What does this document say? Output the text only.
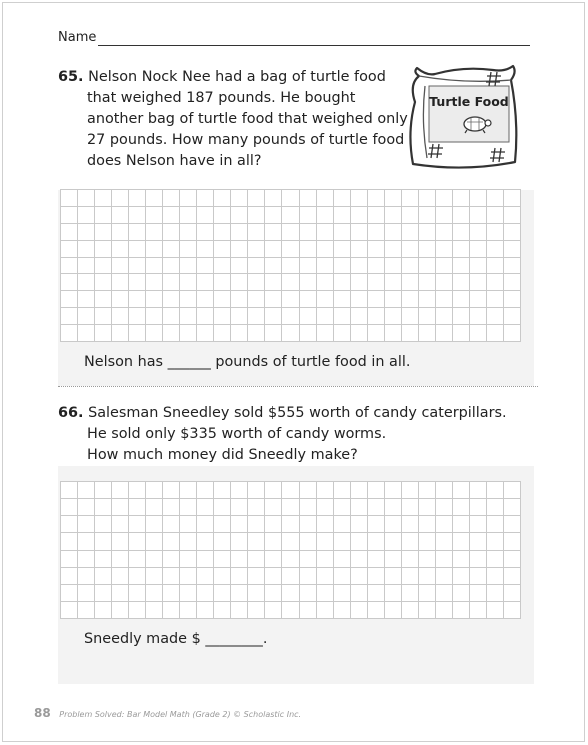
Name
65. Nelson Nock Nee had a bag of turtle food
that weighed 187 pounds. He bought
another bag of turtle food that weighed only
27 pounds. How many pounds of turtle food
does Nelson have in all?
Turtle Food
Nelson has ______ pounds of turtle food in all.
66. Salesman Sneedley sold $555 worth of candy caterpillars.
He sold only $335 worth of candy worms.
How much money did Sneedly make?
Sneedly made $ ________.
88 Problem Solved: Bar Model Math (Grade 2) © Scholastic Inc.
